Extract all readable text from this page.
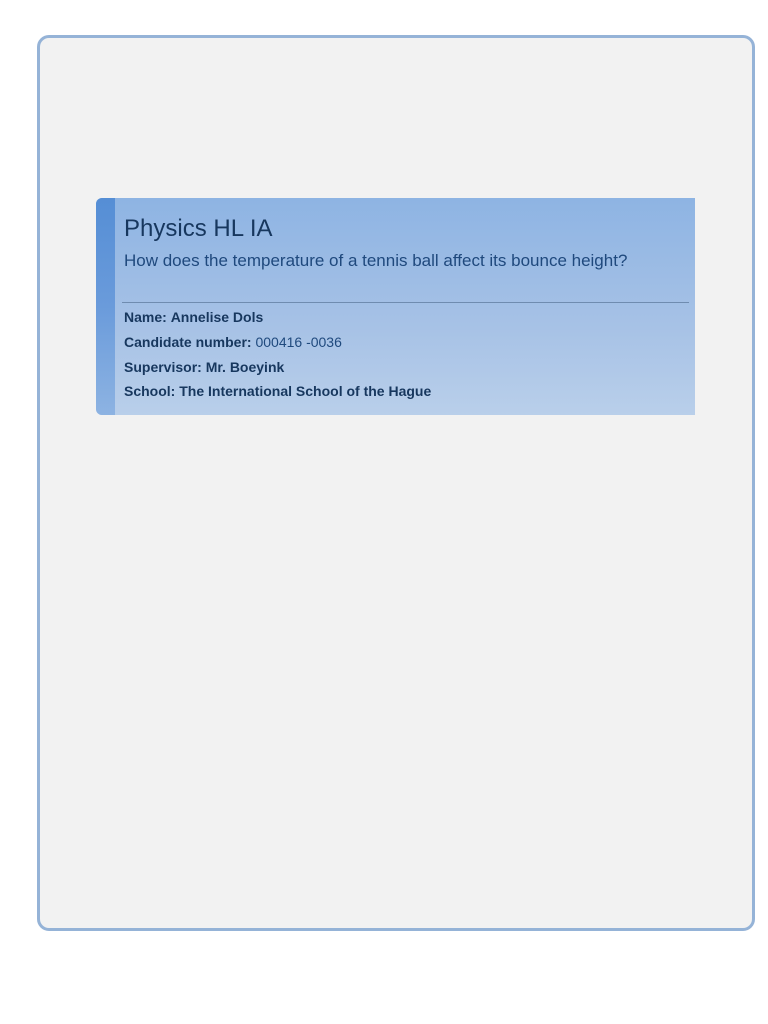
Physics HL IA

How does the temperature of a tennis ball affect its bounce height?

Name: Annelise Dols

Candidate number: 000416 -0036

Supervisor: Mr. Boeyink

School: The International School of the Hague
